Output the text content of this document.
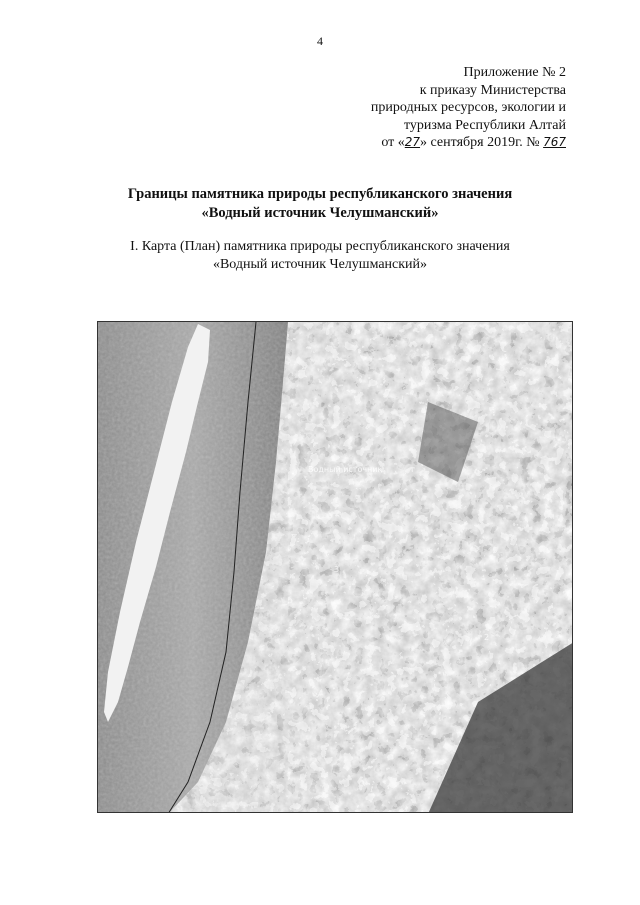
4
Приложение № 2
к приказу Министерства
природных ресурсов, экологии и
туризма Республики Алтай
от «27» сентября 2019г. № 767
Границы памятника природы республиканского значения
«Водный источник Челушманский»
I. Карта (План) памятника природы республиканского значения
«Водный источник Челушманский»
Водный источник
3
2
